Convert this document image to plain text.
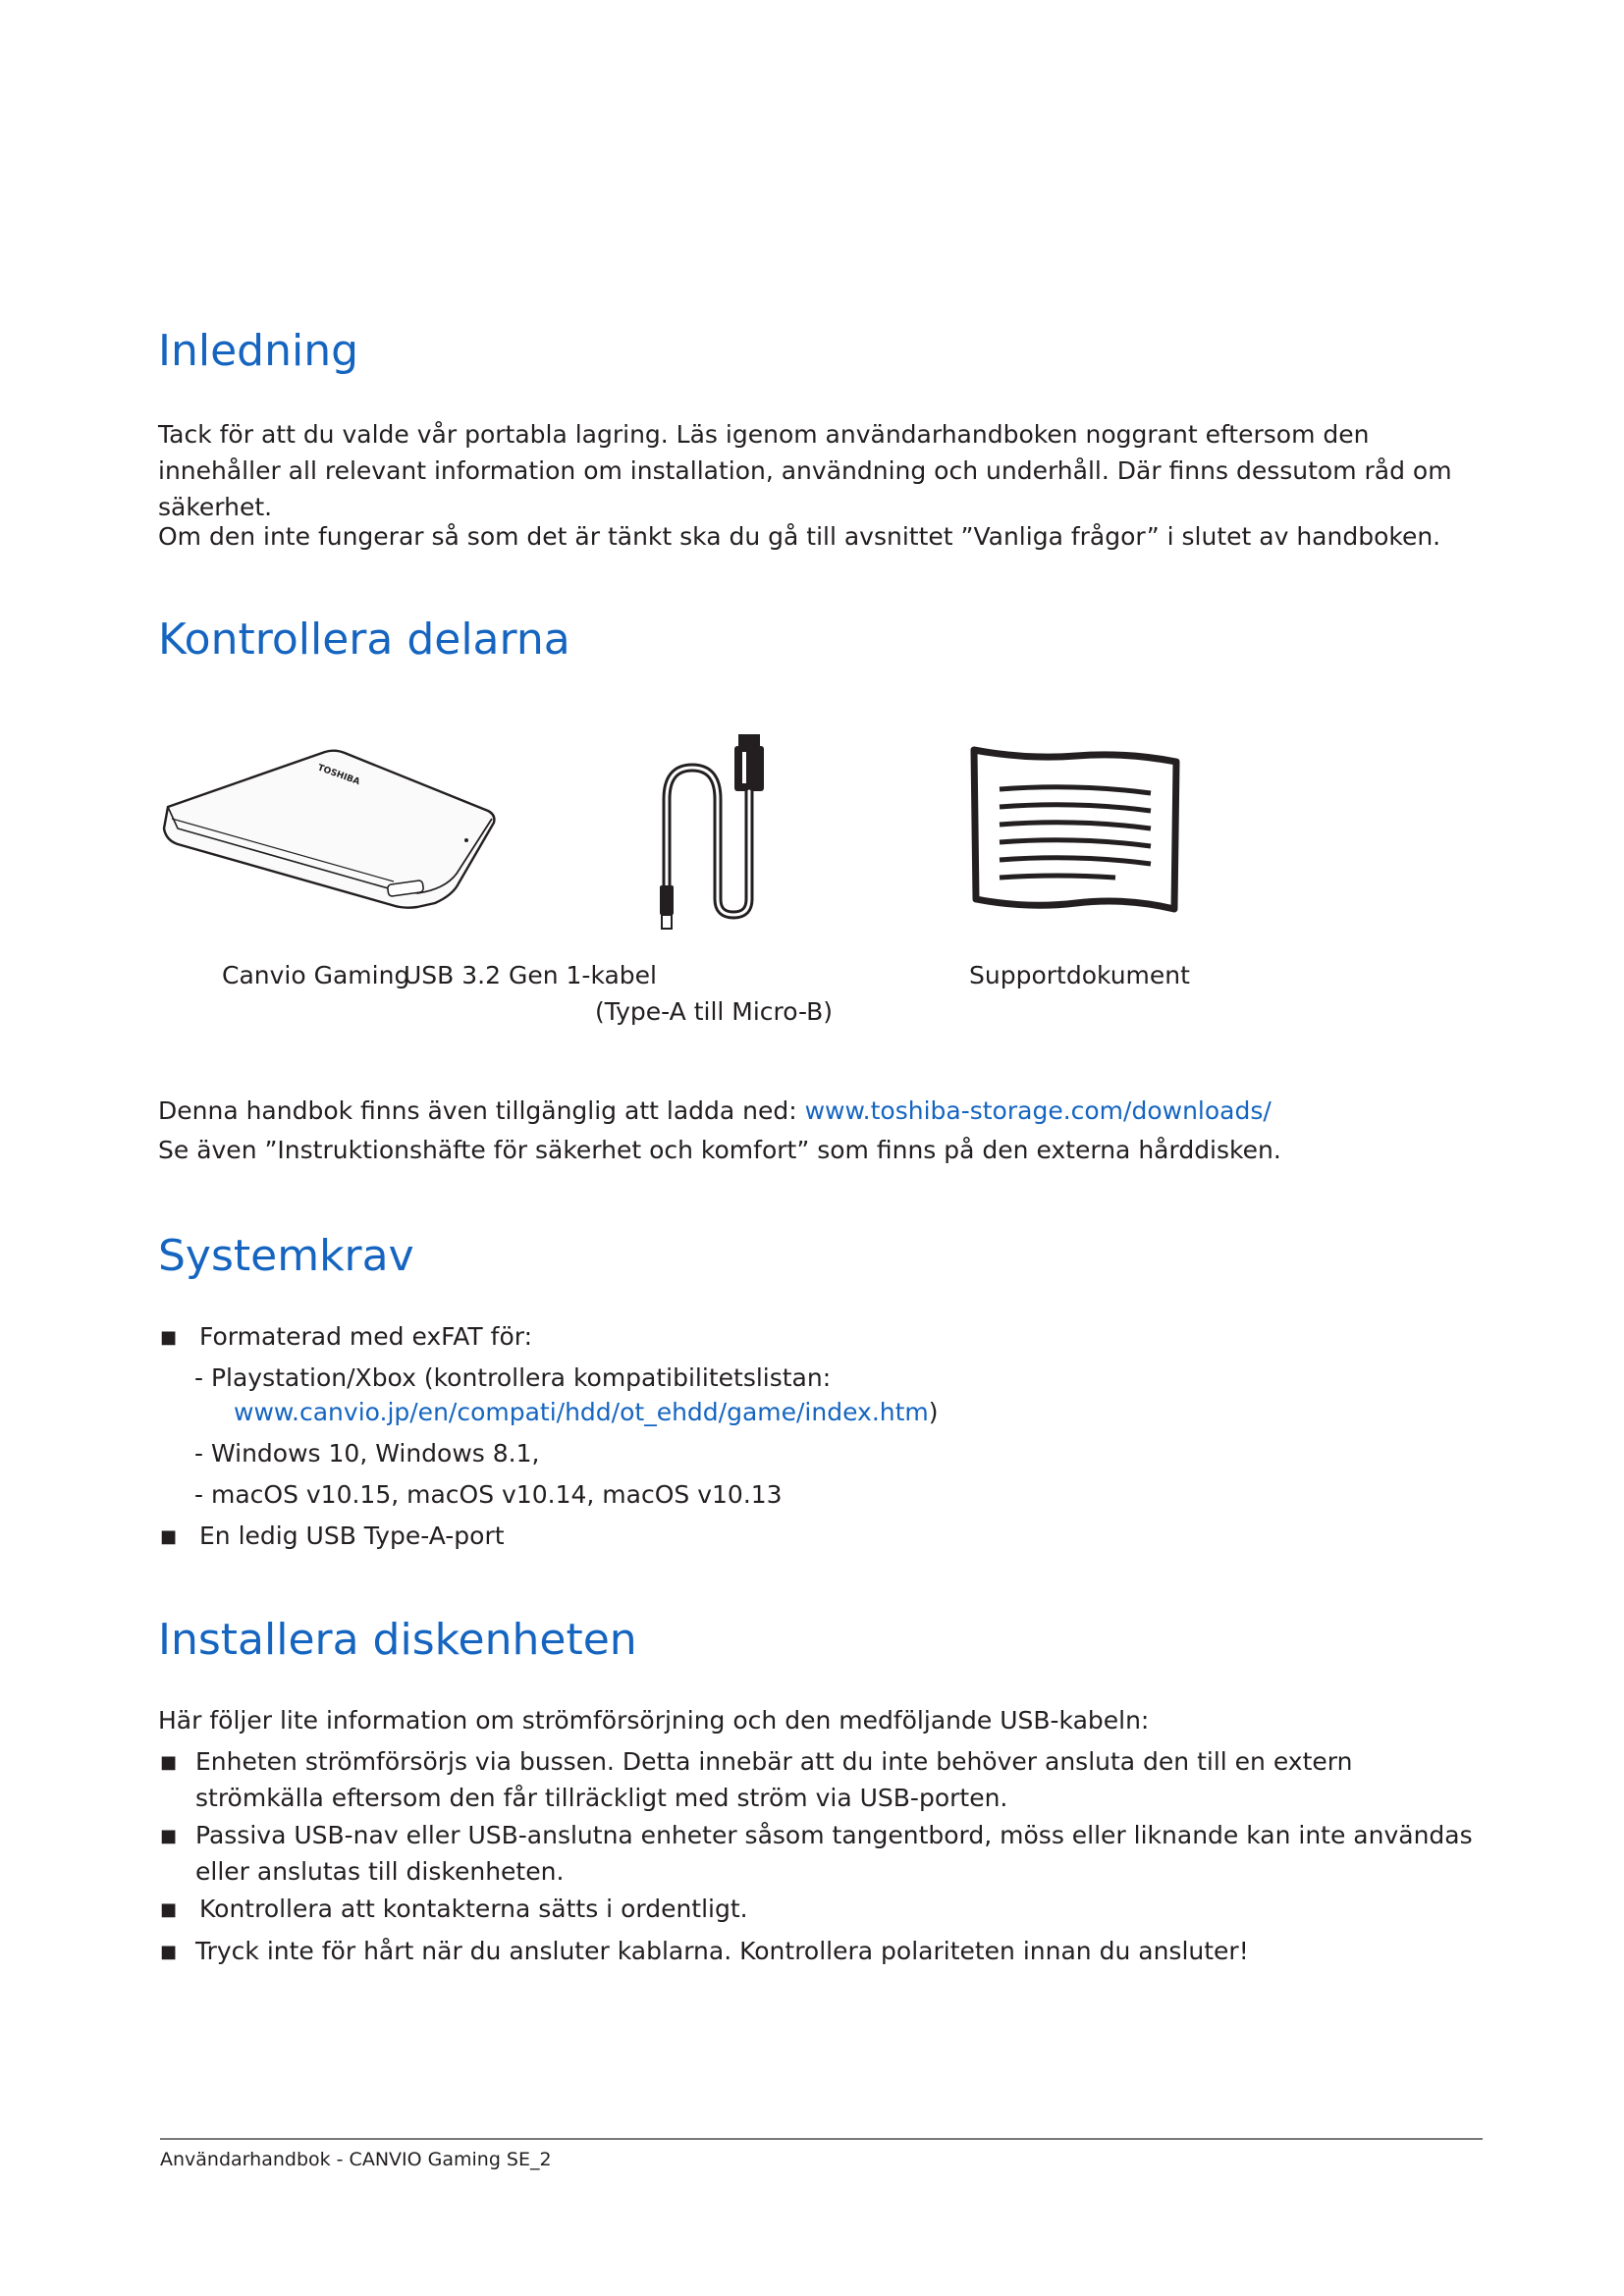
Inledning

Tack för att du valde vår portabla lagring. Läs igenom användarhandboken noggrant eftersom den innehåller all relevant information om installation, användning och underhåll. Där finns dessutom råd om säkerhet.

Om den inte fungerar så som det är tänkt ska du gå till avsnittet ”Vanliga frågor” i slutet av handboken.

Kontrollera delarna
TOSHIBA
Canvio Gaming
USB 3.2 Gen 1-kabel
(Type-A till Micro-B)
Supportdokument
Denna handbok finns även tillgänglig att ladda ned: www.toshiba-storage.com/downloads/
Se även ”Instruktionshäfte för säkerhet och komfort” som finns på den externa hårddisken.
Systemkrav
■ Formaterad med exFAT för:
- Playstation/Xbox (kontrollera kompatibilitetslistan:
www.canvio.jp/en/compati/hdd/ot_ehdd/game/index.htm)
- Windows 10, Windows 8.1,
- macOS v10.15, macOS v10.14, macOS v10.13
■ En ledig USB Type-A-port
Installera diskenheten
Här följer lite information om strömförsörjning och den medföljande USB-kabeln:
■ Enheten strömförsörjs via bussen. Detta innebär att du inte behöver ansluta den till en extern strömkälla eftersom den får tillräckligt med ström via USB-porten.

■ Passiva USB-nav eller USB-anslutna enheter såsom tangentbord, möss eller liknande kan inte användas eller anslutas till diskenheten.

■ Kontrollera att kontakterna sätts i ordentligt.

■ Tryck inte för hårt när du ansluter kablarna. Kontrollera polariteten innan du ansluter!

Användarhandbok - CANVIO Gaming SE_2
